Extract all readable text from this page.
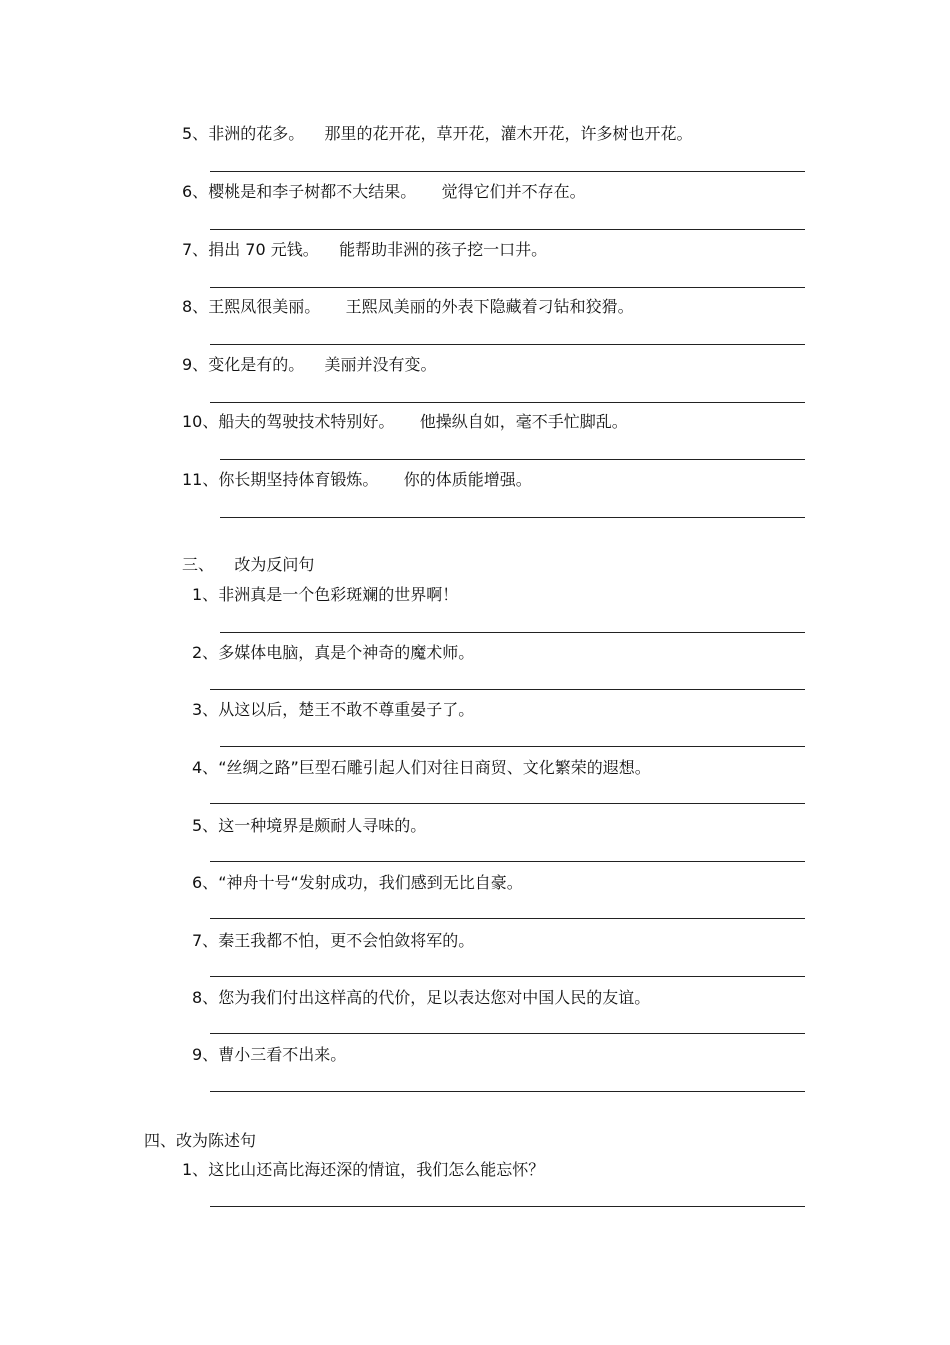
5、非洲的花多。    那里的花开花，草开花，灌木开花，许多树也开花。
6、樱桃是和李子树都不大结果。     觉得它们并不存在。
7、捐出 70 元钱。    能帮助非洲的孩子挖一口井。
8、王熙凤很美丽。     王熙凤美丽的外表下隐藏着刁钻和狡猾。
9、变化是有的。    美丽并没有变。
10、船夫的驾驶技术特别好。     他操纵自如，毫不手忙脚乱。
11、你长期坚持体育锻炼。     你的体质能增强。
三、    改为反问句
1、非洲真是一个色彩斑斓的世界啊！
2、多媒体电脑，真是个神奇的魔术师。
3、从这以后，楚王不敢不尊重晏子了。
4、“丝绸之路”巨型石雕引起人们对往日商贸、文化繁荣的遐想。
5、这一种境界是颇耐人寻味的。
6、“神舟十号“发射成功，我们感到无比自豪。
7、秦王我都不怕，更不会怕敛将军的。
8、您为我们付出这样高的代价，足以表达您对中国人民的友谊。
9、曹小三看不出来。
四、改为陈述句
1、这比山还高比海还深的情谊，我们怎么能忘怀？
